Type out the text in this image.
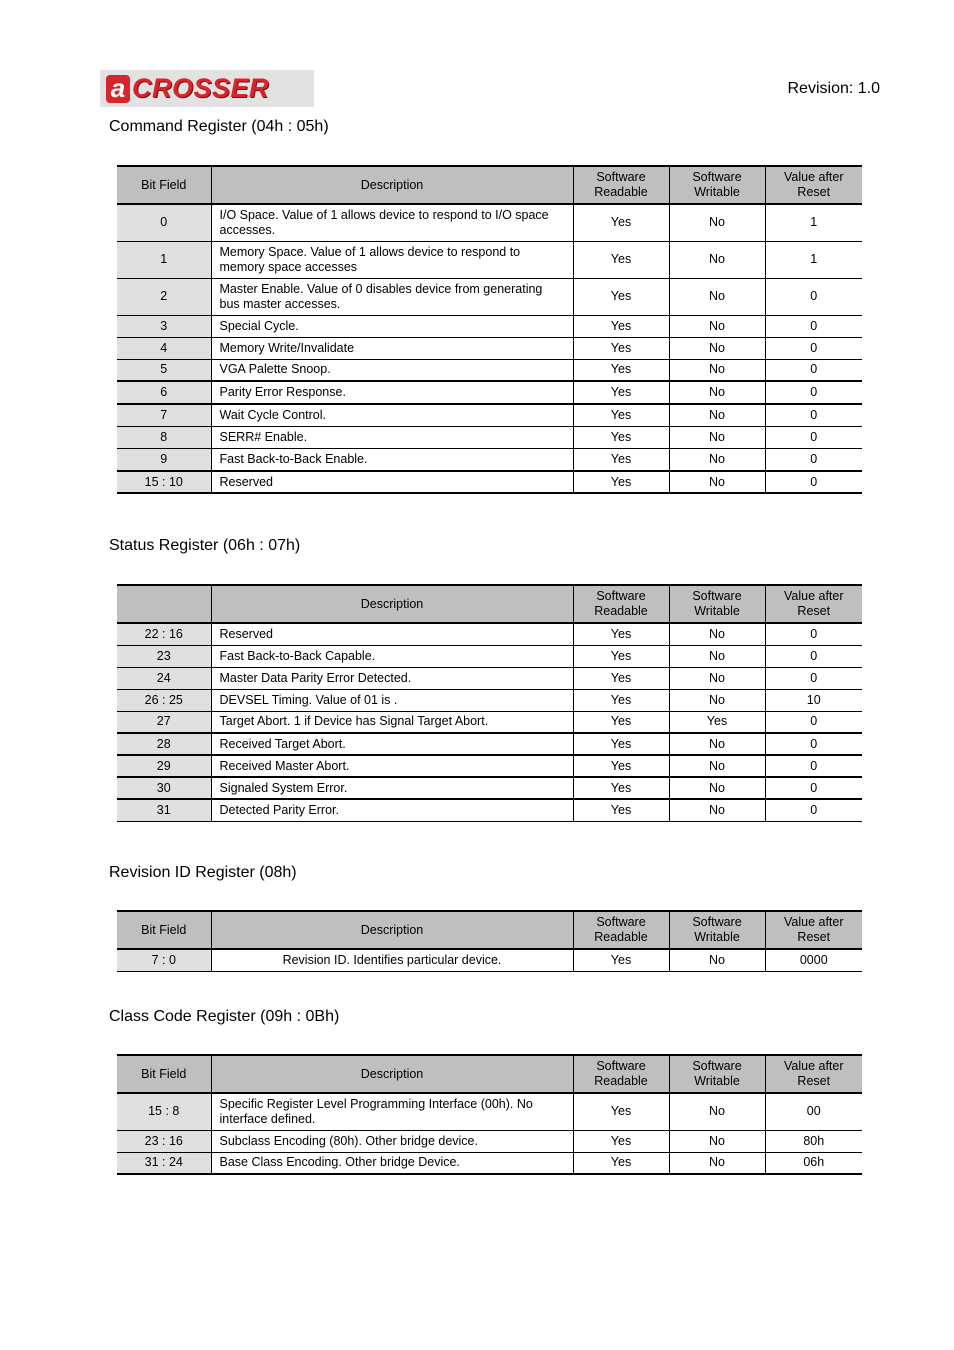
a CROSSER	Revision: 1.0
Command Register (04h : 05h)
Bit Field	Description	Software Readable	Software Writable	Value after Reset
0	I/O Space. Value of 1 allows device to respond to I/O space accesses.	Yes	No	1
1	Memory Space. Value of 1 allows device to respond to memory space accesses	Yes	No	1
2	Master Enable. Value of 0 disables device from generating bus master accesses.	Yes	No	0
3	Special Cycle.	Yes	No	0
4	Memory Write/Invalidate	Yes	No	0
5	VGA Palette Snoop.	Yes	No	0
6	Parity Error Response.	Yes	No	0
7	Wait Cycle Control.	Yes	No	0
8	SERR# Enable.	Yes	No	0
9	Fast Back-to-Back Enable.	Yes	No	0
15 : 10	Reserved	Yes	No	0
Status Register (06h : 07h)
	Description	Software Readable	Software Writable	Value after Reset
22 : 16	Reserved	Yes	No	0
23	Fast Back-to-Back Capable.	Yes	No	0
24	Master Data Parity Error Detected.	Yes	No	0
26 : 25	DEVSEL Timing. Value of 01 is .	Yes	No	10
27	Target Abort. 1 if Device has Signal Target Abort.	Yes	Yes	0
28	Received Target Abort.	Yes	No	0
29	Received Master Abort.	Yes	No	0
30	Signaled System Error.	Yes	No	0
31	Detected Parity Error.	Yes	No	0
Revision ID Register (08h)
Bit Field	Description	Software Readable	Software Writable	Value after Reset
7 : 0	Revision ID. Identifies particular device.	Yes	No	0000
Class Code Register (09h : 0Bh)
Bit Field	Description	Software Readable	Software Writable	Value after Reset
15 : 8	Specific Register Level Programming Interface (00h). No interface defined.	Yes	No	00
23 : 16	Subclass Encoding (80h). Other bridge device.	Yes	No	80h
31 : 24	Base Class Encoding. Other bridge Device.	Yes	No	06h
